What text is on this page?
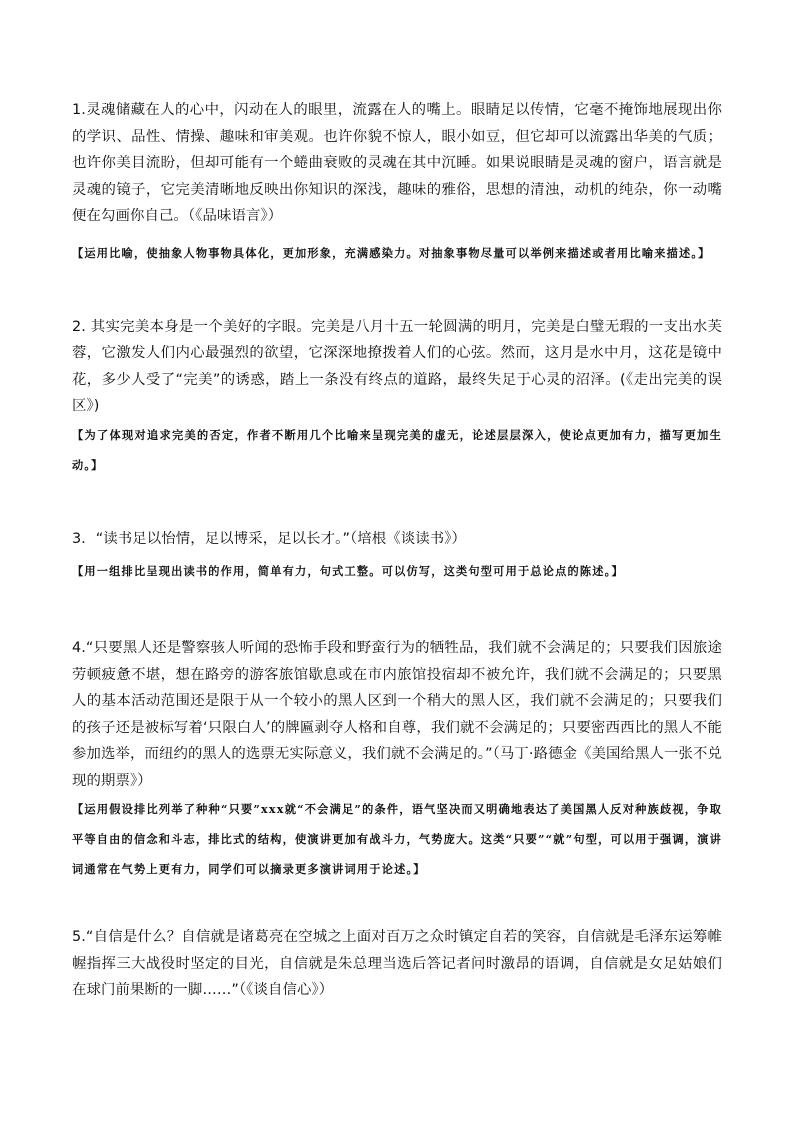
1.灵魂储藏在人的心中，闪动在人的眼里，流露在人的嘴上。眼睛足以传情，它毫不掩饰地展现出你的学识、品性、情操、趣味和审美观。也许你貌不惊人，眼小如豆，但它却可以流露出华美的气质；也许你美目流盼，但却可能有一个蜷曲衰败的灵魂在其中沉睡。如果说眼睛是灵魂的窗户，语言就是灵魂的镜子，它完美清晰地反映出你知识的深浅，趣味的雅俗，思想的清浊，动机的纯杂，你一动嘴便在勾画你自己。（《品味语言》）

【运用比喻，使抽象人物事物具体化，更加形象，充满感染力。对抽象事物尽量可以举例来描述或者用比喻来描述。】

2. 其实完美本身是一个美好的字眼。完美是八月十五一轮圆满的明月，完美是白璧无瑕的一支出水芙蓉，它激发人们内心最强烈的欲望，它深深地撩拨着人们的心弦。然而，这月是水中月，这花是镜中花，多少人受了“完美”的诱惑，踏上一条没有终点的道路，最终失足于心灵的沼泽。(《走出完美的误区》)

【为了体现对追求完美的否定，作者不断用几个比喻来呈现完美的虚无，论述层层深入，使论点更加有力，描写更加生动。】

3．“读书足以怡情，足以博采，足以长才。”（培根《谈读书》）

【用一组排比呈现出读书的作用，简单有力，句式工整。可以仿写，这类句型可用于总论点的陈述。】

4.“只要黑人还是警察骇人听闻的恐怖手段和野蛮行为的牺牲品，我们就不会满足的；只要我们因旅途劳顿疲惫不堪，想在路旁的游客旅馆歇息或在市内旅馆投宿却不被允许，我们就不会满足的；只要黑人的基本活动范围还是限于从一个较小的黑人区到一个稍大的黑人区，我们就不会满足的；只要我们的孩子还是被标写着‘只限白人’的牌匾剥夺人格和自尊，我们就不会满足的；只要密西西比的黑人不能参加选举，而纽约的黑人的选票无实际意义，我们就不会满足的。”（马丁·路德金《美国给黑人一张不兑现的期票》）

【运用假设排比列举了种种“只要”xxx就“不会满足”的条件，语气坚决而又明确地表达了美国黑人反对种族歧视，争取平等自由的信念和斗志，排比式的结构，使演讲更加有战斗力，气势庞大。这类“只要”“就”句型，可以用于强调，演讲词通常在气势上更有力，同学们可以摘录更多演讲词用于论述。】

5.“自信是什么？自信就是诸葛亮在空城之上面对百万之众时镇定自若的笑容，自信就是毛泽东运筹帷幄指挥三大战役时坚定的目光，自信就是朱总理当选后答记者问时激昂的语调，自信就是女足姑娘们在球门前果断的一脚……”（《谈自信心》）
